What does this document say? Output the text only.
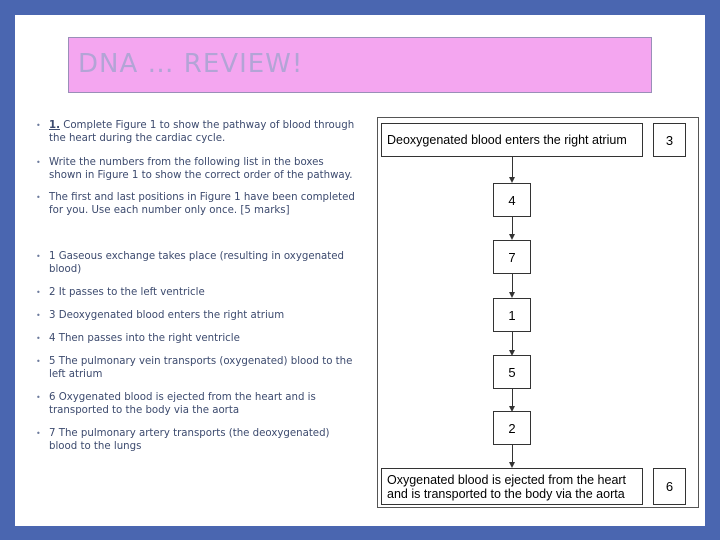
DNA … REVIEW!
• 1. Complete Figure 1 to show the pathway of blood through the heart during the cardiac cycle.
• Write the numbers from the following list in the boxes shown in Figure 1 to show the correct order of the pathway.
• The first and last positions in Figure 1 have been completed for you. Use each number only once. [5 marks]
• 1 Gaseous exchange takes place (resulting in oxygenated blood)
• 2 It passes to the left ventricle
• 3 Deoxygenated blood enters the right atrium
• 4 Then passes into the right ventricle
• 5 The pulmonary vein transports (oxygenated) blood to the left atrium
• 6 Oxygenated blood is ejected from the heart and is transported to the body via the aorta
• 7 The pulmonary artery transports (the deoxygenated) blood to the lungs
Deoxygenated blood enters the right atrium	3
4
7
1
5
2
Oxygenated blood is ejected from the heart and is transported to the body via the aorta	6
